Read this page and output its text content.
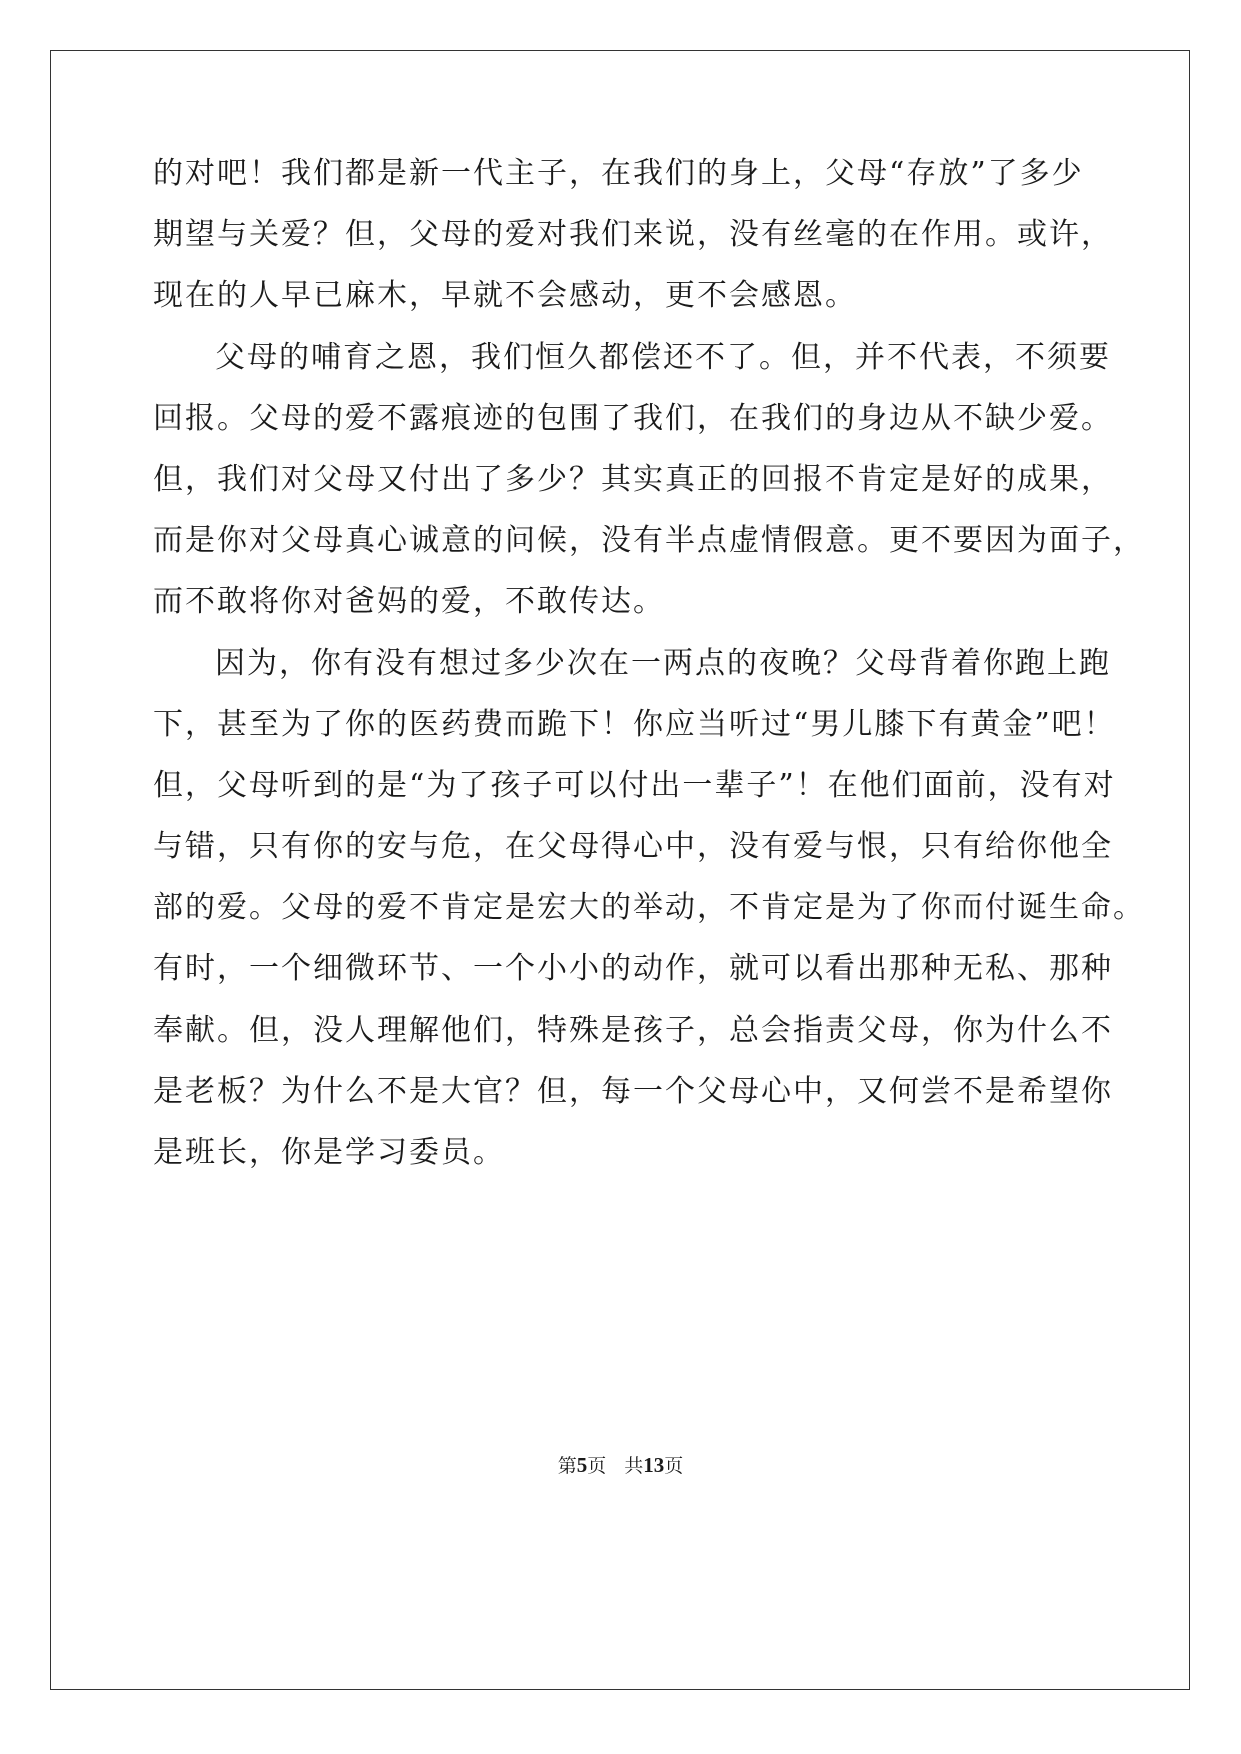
的对吧！我们都是新一代主子，在我们的身上，父母“存放”了多少
期望与关爱？但，父母的爱对我们来说，没有丝毫的在作用。或许，
现在的人早已麻木，早就不会感动，更不会感恩。
父母的哺育之恩，我们恒久都偿还不了。但，并不代表，不须要
回报。父母的爱不露痕迹的包围了我们，在我们的身边从不缺少爱。
但，我们对父母又付出了多少？其实真正的回报不肯定是好的成果，
而是你对父母真心诚意的问候，没有半点虚情假意。更不要因为面子，
而不敢将你对爸妈的爱，不敢传达。
因为，你有没有想过多少次在一两点的夜晚？父母背着你跑上跑
下，甚至为了你的医药费而跪下！你应当听过“男儿膝下有黄金”吧！
但，父母听到的是“为了孩子可以付出一辈子”！在他们面前，没有对
与错，只有你的安与危，在父母得心中，没有爱与恨，只有给你他全
部的爱。父母的爱不肯定是宏大的举动，不肯定是为了你而付诞生命。
有时，一个细微环节、一个小小的动作，就可以看出那种无私、那种
奉献。但，没人理解他们，特殊是孩子，总会指责父母，你为什么不
是老板？为什么不是大官？但，每一个父母心中，又何尝不是希望你
是班长，你是学习委员。
第5页 共13页
